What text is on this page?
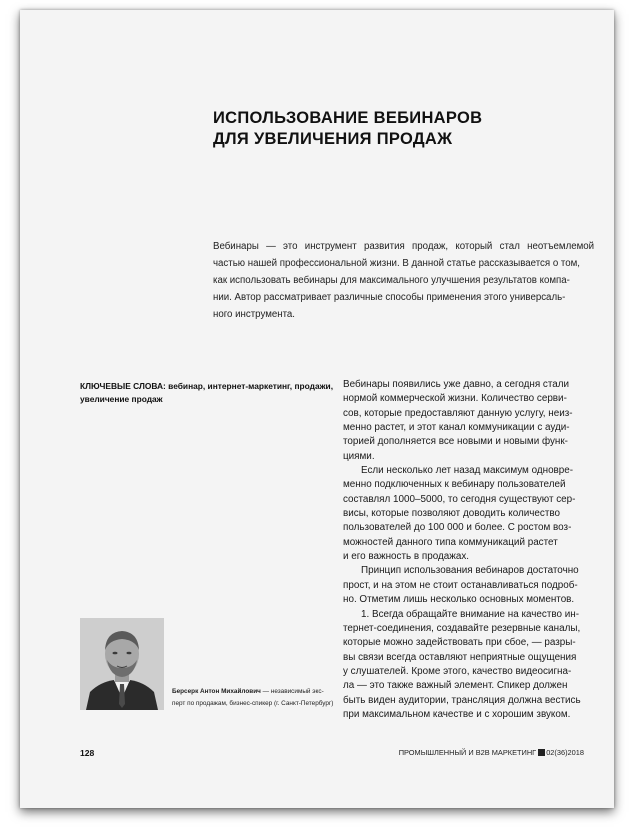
ИСПОЛЬЗОВАНИЕ ВЕБИНАРОВ
ДЛЯ УВЕЛИЧЕНИЯ ПРОДАЖ
Вебинары — это инструмент развития продаж, который стал неотъемлемой
частью нашей профессиональной жизни. В данной статье рассказывается о том,
как использовать вебинары для максимального улучшения результатов компа-
нии. Автор рассматривает различные способы применения этого универсаль-
ного инструмента.
КЛЮЧЕВЫЕ СЛОВА: вебинар, интернет-маркетинг, продажи,
увеличение продаж
Вебинары появились уже давно, а сегодня стали
нормой коммерческой жизни. Количество серви-
сов, которые предоставляют данную услугу, неиз-
менно растет, и этот канал коммуникации с ауди-
торией дополняется все новыми и новыми функ-
циями.
Если несколько лет назад максимум одновре-
менно подключенных к вебинару пользователей
составлял 1000–5000, то сегодня существуют сер-
висы, которые позволяют доводить количество
пользователей до 100 000 и более. С ростом воз-
можностей данного типа коммуникаций растет
и его важность в продажах.
Принцип использования вебинаров достаточно
прост, и на этом не стоит останавливаться подроб-
но. Отметим лишь несколько основных моментов.
1. Всегда обращайте внимание на качество ин-
тернет-соединения, создавайте резервные каналы,
которые можно задействовать при сбое, — разры-
вы связи всегда оставляют неприятные ощущения
у слушателей. Кроме этого, качество видеосигна-
ла — это также важный элемент. Спикер должен
быть виден аудитории, трансляция должна вестись
при максимальном качестве и с хорошим звуком.
Берсерк Антон Михайлович — независимый экс-
перт по продажам, бизнес-спикер (г. Санкт-Петербург)
128	ПРОМЫШЛЕННЫЙ И B2B МАРКЕТИНГ 02(36)2018
